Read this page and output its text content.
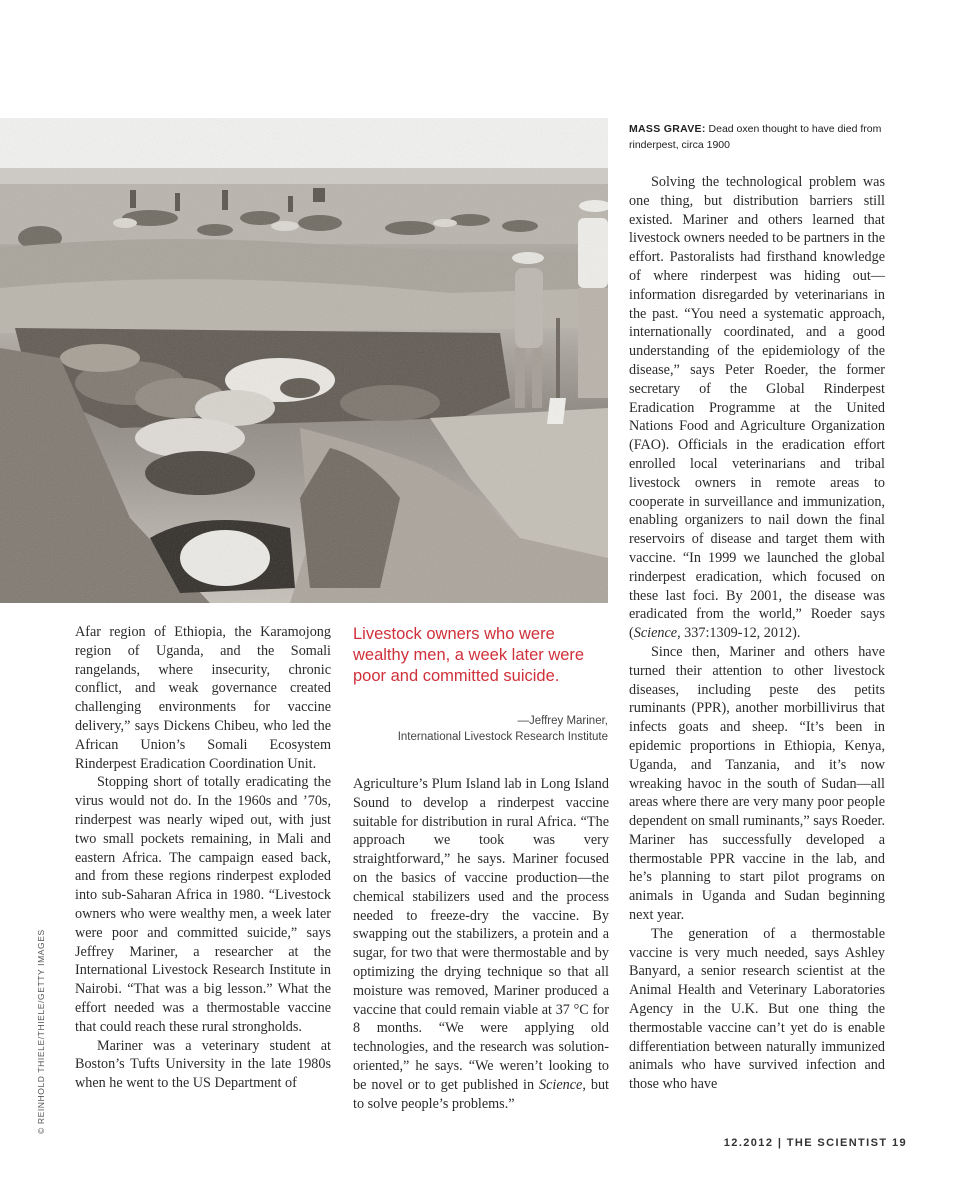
MASS GRAVE: Dead oxen thought to have died from rinderpest, circa 1900
© REINHOLD THIELE/THIELE/GETTY IMAGES

Afar region of Ethiopia, the Karamojong region of Uganda, and the Somali rangelands, where insecurity, chronic conflict, and weak governance created challenging environments for vaccine delivery,” says Dickens Chibeu, who led the African Union’s Somali Ecosystem Rinderpest Eradication Coordination Unit.

Stopping short of totally eradicating the virus would not do. In the 1960s and ’70s, rinderpest was nearly wiped out, with just two small pockets remaining, in Mali and eastern Africa. The campaign eased back, and from these regions rinderpest exploded into sub-Saharan Africa in 1980. “Livestock owners who were wealthy men, a week later were poor and committed suicide,” says Jeffrey Mariner, a researcher at the International Livestock Research Institute in Nairobi. “That was a big lesson.” What the effort needed was a thermostable vaccine that could reach these rural strongholds.

Mariner was a veterinary student at Boston’s Tufts University in the late 1980s when he went to the US Department of

Livestock owners who were wealthy men, a week later were poor and committed suicide.
—Jeffrey Mariner,
International Livestock Research Institute

Agriculture’s Plum Island lab in Long Island Sound to develop a rinderpest vaccine suitable for distribution in rural Africa. “The approach we took was very straightforward,” he says. Mariner focused on the basics of vaccine production—the chemical stabilizers used and the process needed to freeze-dry the vaccine. By swapping out the stabilizers, a protein and a sugar, for two that were thermostable and by optimizing the drying technique so that all moisture was removed, Mariner produced a vaccine that could remain viable at 37 °C for 8 months. “We were applying old technologies, and the research was solution-oriented,” he says. “We weren’t looking to be novel or to get published in Science, but to solve people’s problems.”

Solving the technological problem was one thing, but distribution barriers still existed. Mariner and others learned that livestock owners needed to be partners in the effort. Pastoralists had firsthand knowledge of where rinderpest was hiding out—information disregarded by veterinarians in the past. “You need a systematic approach, internationally coordinated, and a good understanding of the epidemiology of the disease,” says Peter Roeder, the former secretary of the Global Rinderpest Eradication Programme at the United Nations Food and Agriculture Organization (FAO). Officials in the eradication effort enrolled local veterinarians and tribal livestock owners in remote areas to cooperate in surveillance and immunization, enabling organizers to nail down the final reservoirs of disease and target them with vaccine. “In 1999 we launched the global rinderpest eradication, which focused on these last foci. By 2001, the disease was eradicated from the world,” Roeder says (Science, 337:1309-12, 2012).

Since then, Mariner and others have turned their attention to other livestock diseases, including peste des petits ruminants (PPR), another morbillivirus that infects goats and sheep. “It’s been in epidemic proportions in Ethiopia, Kenya, Uganda, and Tanzania, and it’s now wreaking havoc in the south of Sudan—all areas where there are very many poor people dependent on small ruminants,” says Roeder. Mariner has successfully developed a thermostable PPR vaccine in the lab, and he’s planning to start pilot programs on animals in Uganda and Sudan beginning next year.

The generation of a thermostable vaccine is very much needed, says Ashley Banyard, a senior research scientist at the Animal Health and Veterinary Laboratories Agency in the U.K. But one thing the thermostable vaccine can’t yet do is enable differentiation between naturally immunized animals who have survived infection and those who have

12.2012 | THE SCIENTIST 19
